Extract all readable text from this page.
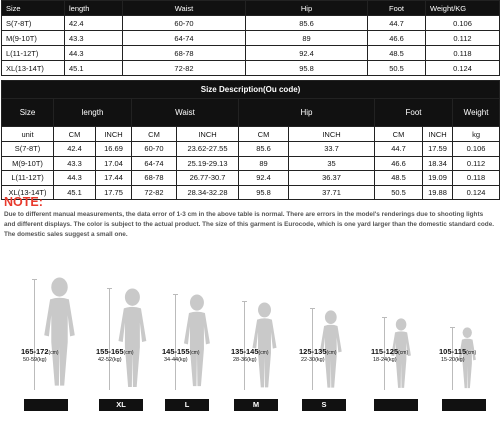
Size	length	Waist	Hip	Foot	Weight/KG
S(7-8T)	42.4	60-70	85.6	44.7	0.106
M(9-10T)	43.3	64-74	89	46.6	0.112
L(11-12T)	44.3	68-78	92.4	48.5	0.118
XL(13-14T)	45.1	72-82	95.8	50.5	0.124
Size Description(Ou code)									
Size	length		Waist		Hip		Foot		Weight
unit	CM	INCH	CM	INCH	CM	INCH	CM	INCH	kg
S(7-8T)	42.4	16.69	60-70	23.62-27.55	85.6	33.7	44.7	17.59	0.106
M(9-10T)	43.3	17.04	64-74	25.19-29.13	89	35	46.6	18.34	0.112
L(11-12T)	44.3	17.44	68-78	26.77-30.7	92.4	36.37	48.5	19.09	0.118
XL(13-14T)	45.1	17.75	72-82	28.34-32.28	95.8	37.71	50.5	19.88	0.124
NOTE:
Due to different manual measurements, the data error of 1-3 cm in the above table is normal. There are errors in the model's renderings due to shooting lights and different displays. The color is subject to the actual product. The size of this garment is Eurocode, which is one yard larger than the domestic standard code. The domestic sales suggest a small one.
165-172(cm)
50-59(kg)
155-165(cm)
42-52(kg)
XL
145-155(cm)
34-44(kg)
L
135-145(cm)
28-36(kg)
M
125-135(cm)
22-30(kg)
S
115-125(cm)
18-24(kg)
105-115(cm)
15-20(kg)
